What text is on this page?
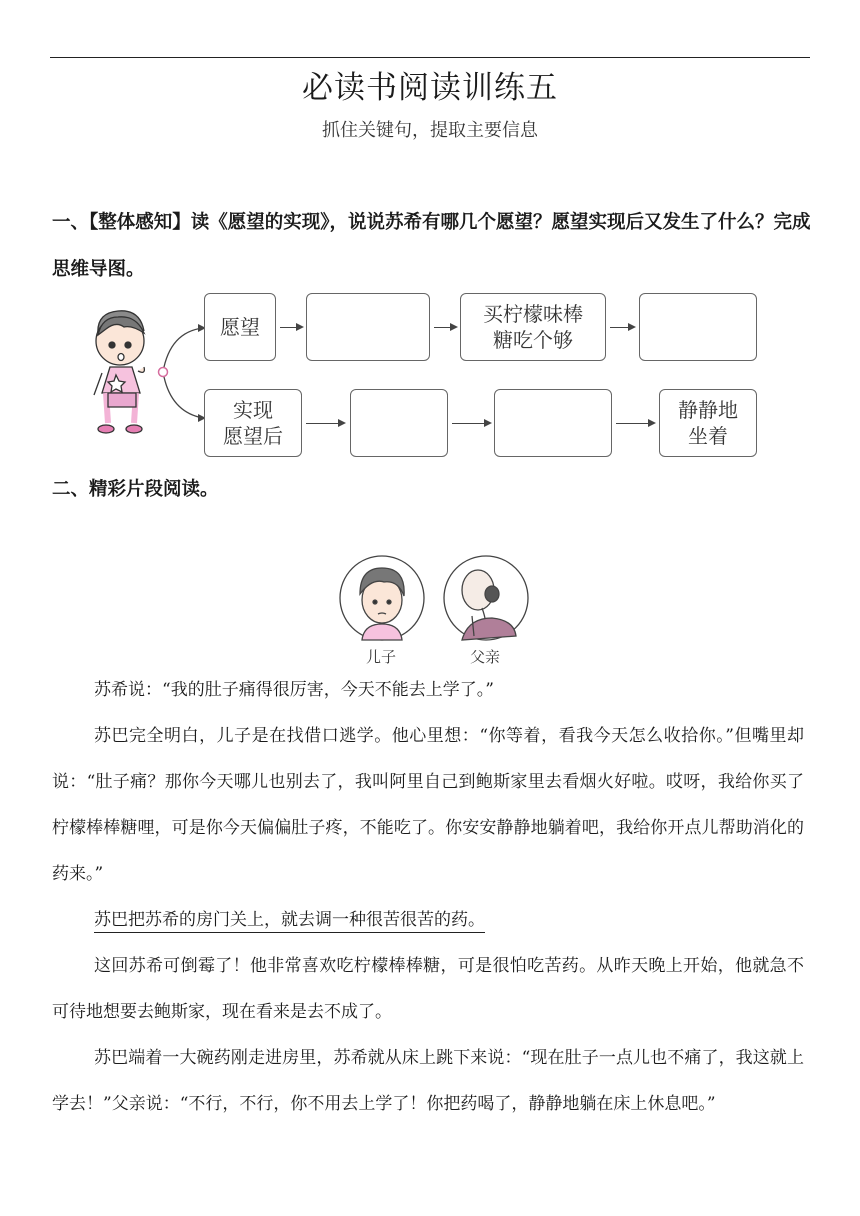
必读书阅读训练五
抓住关键句，提取主要信息
一、【整体感知】读《愿望的实现》，说说苏希有哪几个愿望？愿望实现后又发生了什么？完成思维导图。
愿望
买柠檬味棒
糖吃个够
实现
愿望后
静静地
坐着
二、精彩片段阅读。
儿子	父亲
苏希说：“我的肚子痛得很厉害，今天不能去上学了。”
苏巴完全明白，儿子是在找借口逃学。他心里想：“你等着，看我今天怎么收拾你。”但嘴里却说：“肚子痛？那你今天哪儿也别去了，我叫阿里自己到鲍斯家里去看烟火好啦。哎呀，我给你买了柠檬棒棒糖哩，可是你今天偏偏肚子疼，不能吃了。你安安静静地躺着吧，我给你开点儿帮助消化的药来。”
苏巴把苏希的房门关上，就去调一种很苦很苦的药。
这回苏希可倒霉了！他非常喜欢吃柠檬棒棒糖，可是很怕吃苦药。从昨天晚上开始，他就急不可待地想要去鲍斯家，现在看来是去不成了。
苏巴端着一大碗药刚走进房里，苏希就从床上跳下来说：“现在肚子一点儿也不痛了，我这就上学去！”父亲说：“不行，不行，你不用去上学了！你把药喝了，静静地躺在床上休息吧。”
